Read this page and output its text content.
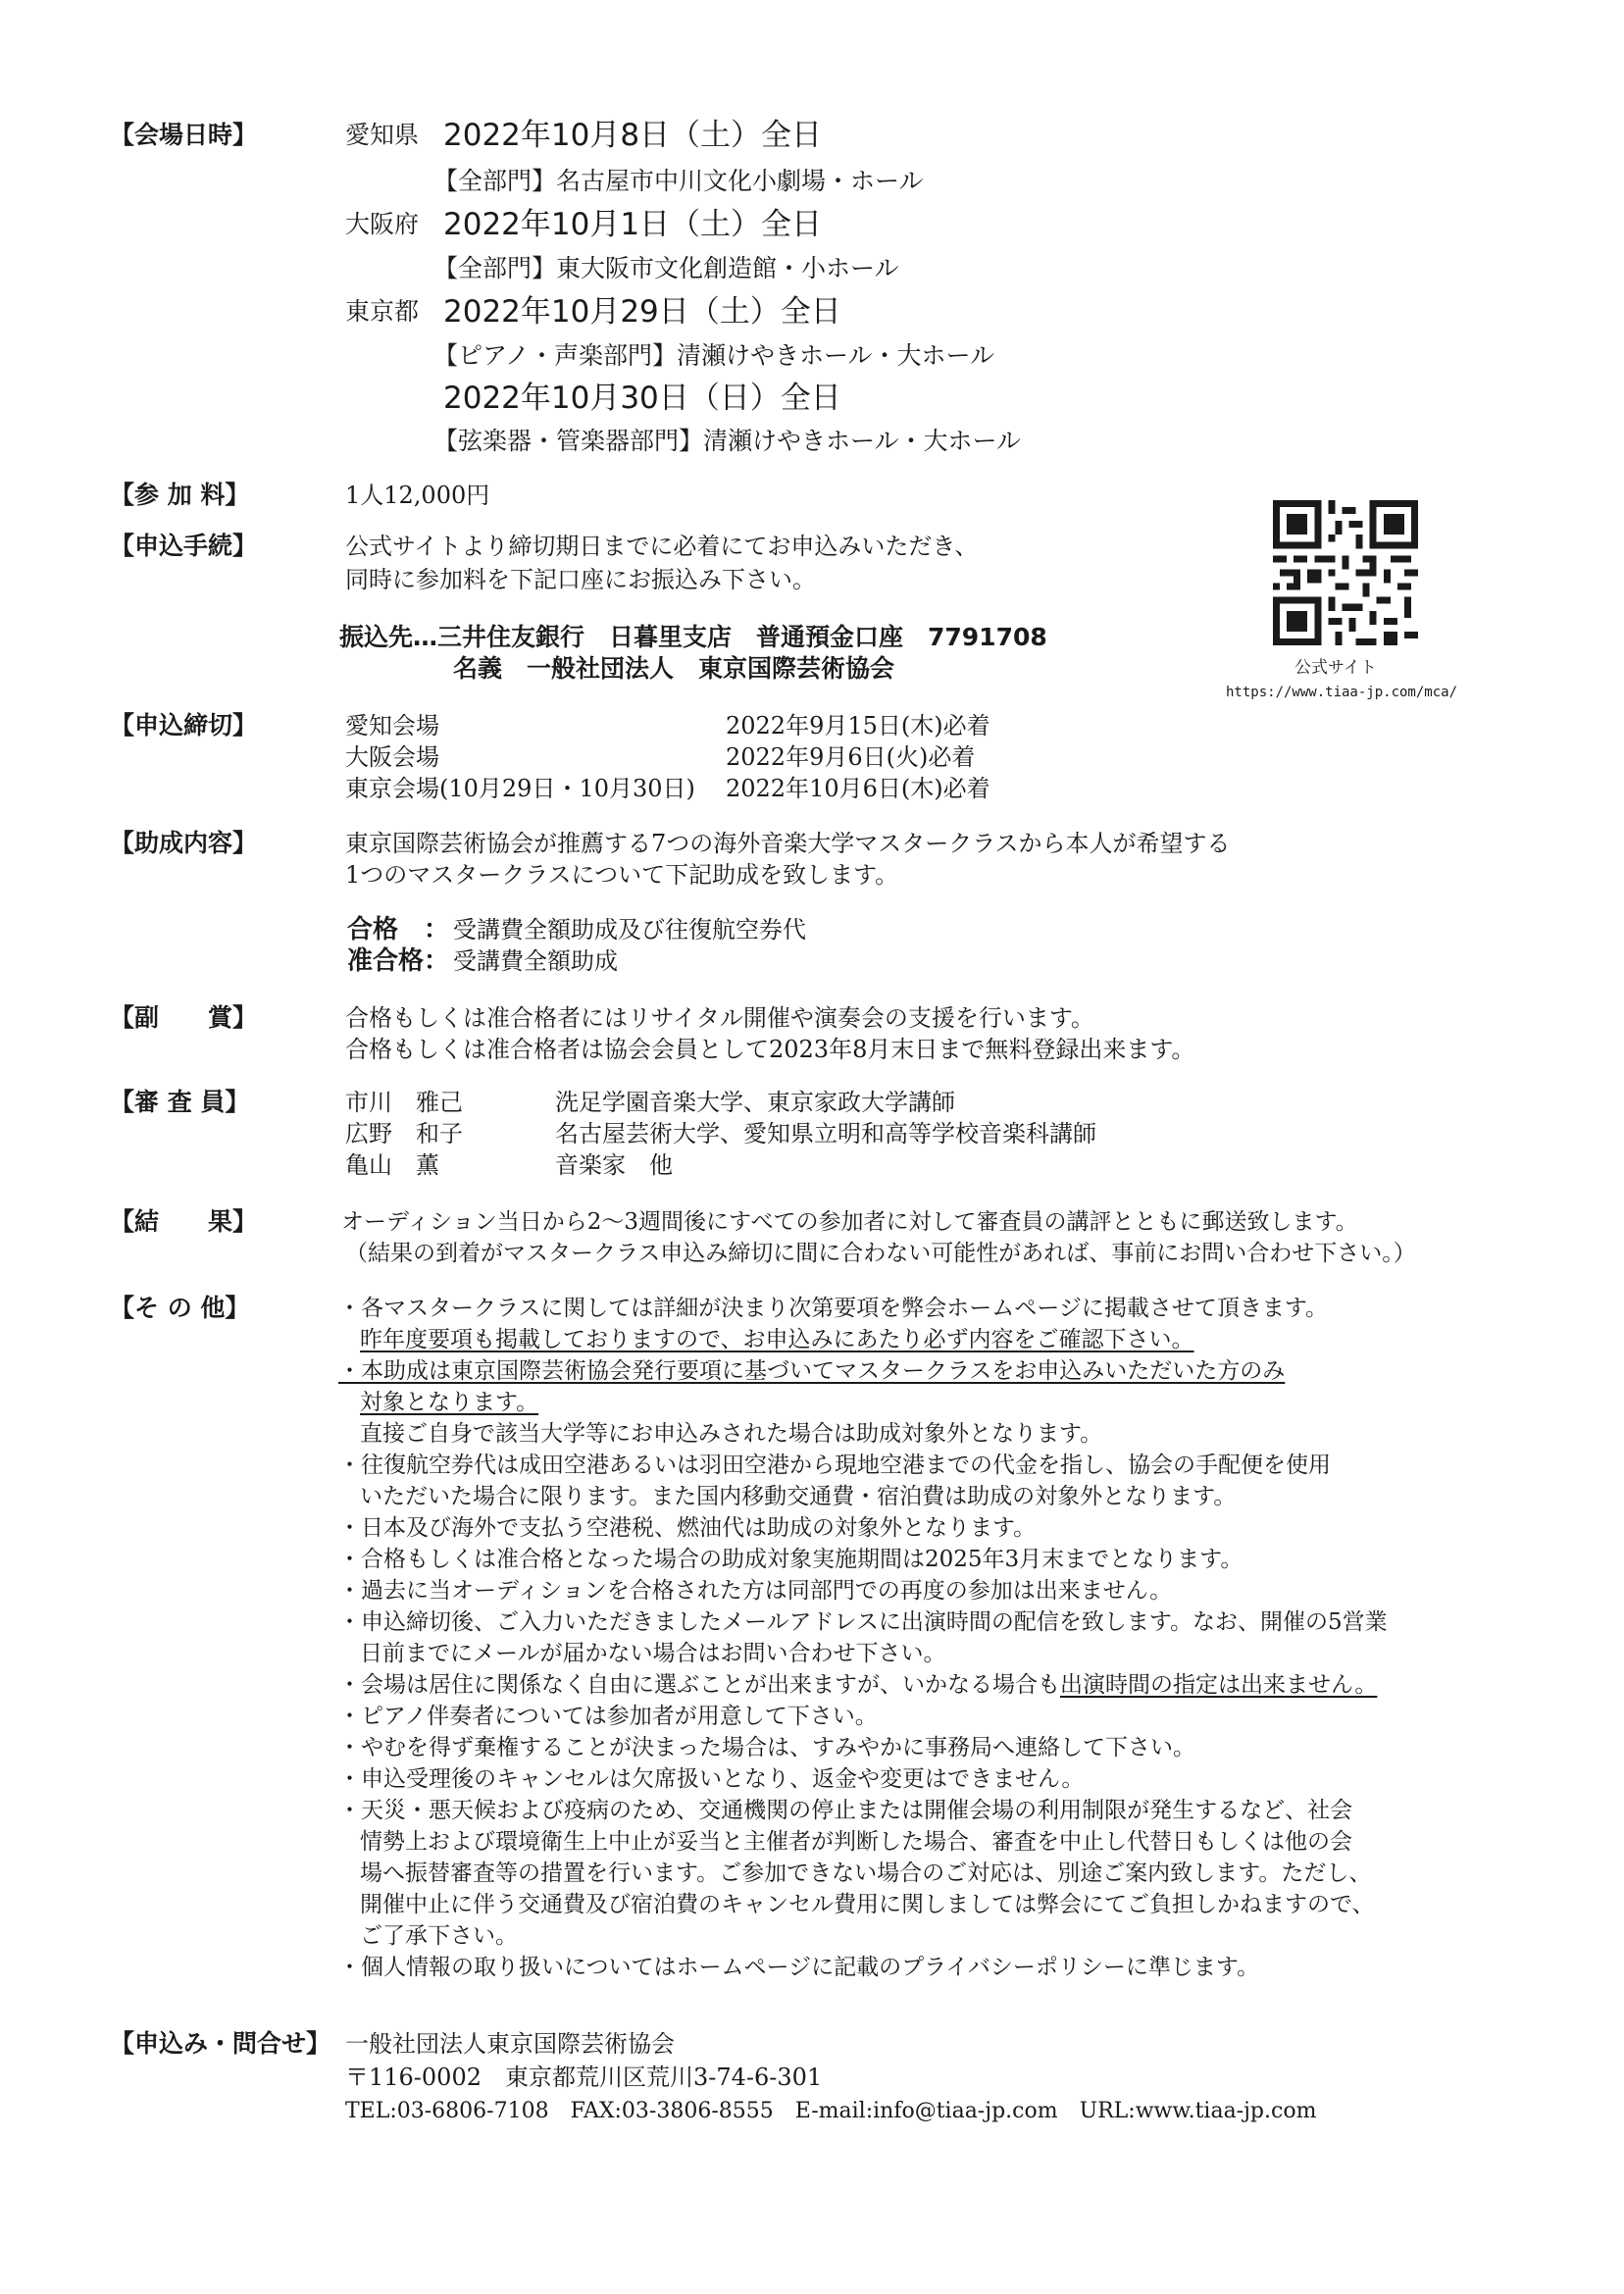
【会場日時】	愛知県 2022年10月8日（土）全日
【全部門】名古屋市中川文化小劇場・ホール
大阪府 2022年10月1日（土）全日
【全部門】東大阪市文化創造館・小ホール
東京都 2022年10月29日（土）全日
【ピアノ・声楽部門】清瀬けやきホール・大ホール
2022年10月30日（日）全日
【弦楽器・管楽器部門】清瀬けやきホール・大ホール
【参 加 料】	1人12,000円
【申込手続】	公式サイトより締切期日までに必着にてお申込みいただき、
同時に参加料を下記口座にお振込み下さい。
振込先…三井住友銀行　日暮里支店　普通預金口座　7791708
名義　一般社団法人　東京国際芸術協会	公式サイト
https://www.tiaa-jp.com/mca/
【申込締切】	愛知会場	2022年9月15日(木)必着
大阪会場	2022年9月6日(火)必着
東京会場(10月29日・10月30日) 2022年10月6日(木)必着
【助成内容】	東京国際芸術協会が推薦する7つの海外音楽大学マスタークラスから本人が希望する
1つのマスタークラスについて下記助成を致します。
合格　： 受講費全額助成及び往復航空券代
准合格： 受講費全額助成
【副　　賞】	合格もしくは准合格者にはリサイタル開催や演奏会の支援を行います。
合格もしくは准合格者は協会会員として2023年8月末日まで無料登録出来ます。
【審 査 員】	市川　雅己	洗足学園音楽大学、東京家政大学講師
広野　和子	名古屋芸術大学、愛知県立明和高等学校音楽科講師
亀山　薫	音楽家　他
【結　　果】	オーディション当日から2～3週間後にすべての参加者に対して審査員の講評とともに郵送致します。
（結果の到着がマスタークラス申込み締切に間に合わない可能性があれば、事前にお問い合わせ下さい。）
【そ の 他】	・各マスタークラスに関しては詳細が決まり次第要項を弊会ホームページに掲載させて頂きます。
昨年度要項も掲載しておりますので、お申込みにあたり必ず内容をご確認下さい。
・本助成は東京国際芸術協会発行要項に基づいてマスタークラスをお申込みいただいた方のみ
対象となります。
直接ご自身で該当大学等にお申込みされた場合は助成対象外となります。
・往復航空券代は成田空港あるいは羽田空港から現地空港までの代金を指し、協会の手配便を使用
いただいた場合に限ります。また国内移動交通費・宿泊費は助成の対象外となります。
・日本及び海外で支払う空港税、燃油代は助成の対象外となります。
・合格もしくは准合格となった場合の助成対象実施期間は2025年3月末までとなります。
・過去に当オーディションを合格された方は同部門での再度の参加は出来ません。
・申込締切後、ご入力いただきましたメールアドレスに出演時間の配信を致します。なお、開催の5営業
日前までにメールが届かない場合はお問い合わせ下さい。
・会場は居住に関係なく自由に選ぶことが出来ますが、いかなる場合も出演時間の指定は出来ません。
・ピアノ伴奏者については参加者が用意して下さい。
・やむを得ず棄権することが決まった場合は、すみやかに事務局へ連絡して下さい。
・申込受理後のキャンセルは欠席扱いとなり、返金や変更はできません。
・天災・悪天候および疫病のため、交通機関の停止または開催会場の利用制限が発生するなど、社会
情勢上および環境衛生上中止が妥当と主催者が判断した場合、審査を中止し代替日もしくは他の会
場へ振替審査等の措置を行います。ご参加できない場合のご対応は、別途ご案内致します。ただし、
開催中止に伴う交通費及び宿泊費のキャンセル費用に関しましては弊会にてご負担しかねますので、
ご了承下さい。
・個人情報の取り扱いについてはホームページに記載のプライバシーポリシーに準じます。
【申込み・問合せ】 一般社団法人東京国際芸術協会
〒116-0002　東京都荒川区荒川3-74-6-301
TEL:03-6806-7108　FAX:03-3806-8555　E-mail:info@tiaa-jp.com　URL:www.tiaa-jp.com
